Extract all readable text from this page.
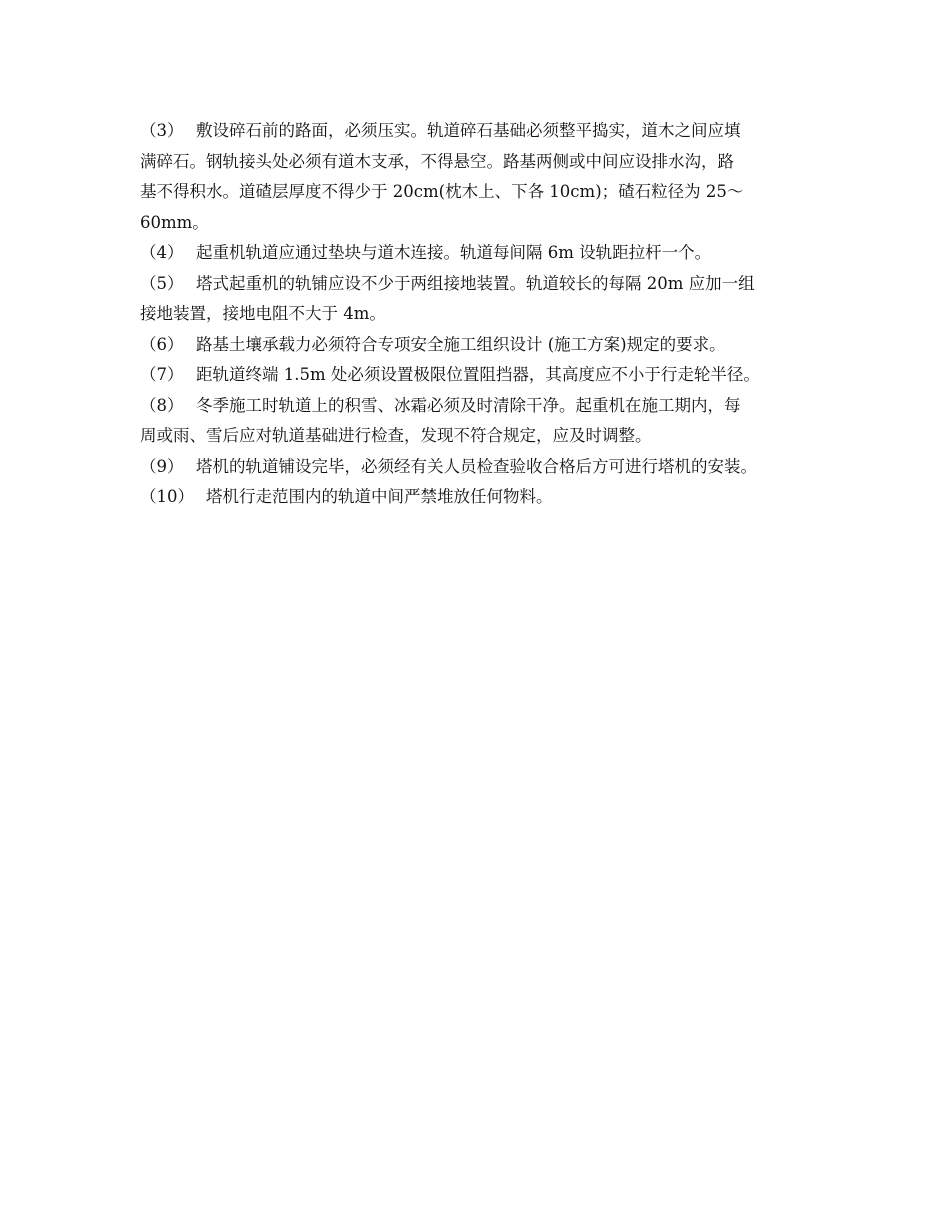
（3） 敷设碎石前的路面，必须压实。轨道碎石基础必须整平捣实，道木之间应填
满碎石。钢轨接头处必须有道木支承，不得悬空。路基两侧或中间应设排水沟，路
基不得积水。道碴层厚度不得少于 20cm(枕木上、下各 10cm)；碴石粒径为 25～
60mm。
（4） 起重机轨道应通过垫块与道木连接。轨道每间隔 6m 设轨距拉杆一个。
（5） 塔式起重机的轨铺应设不少于两组接地装置。轨道较长的每隔 20m 应加一组
接地装置，接地电阻不大于 4m。
（6） 路基土壤承载力必须符合专项安全施工组织设计 (施工方案)规定的要求。
（7） 距轨道终端 1.5m 处必须设置极限位置阻挡器，其高度应不小于行走轮半径。
（8） 冬季施工时轨道上的积雪、冰霜必须及时清除干净。起重机在施工期内，每
周或雨、雪后应对轨道基础进行检查，发现不符合规定，应及时调整。
（9） 塔机的轨道铺设完毕，必须经有关人员检查验收合格后方可进行塔机的安装。
（10） 塔机行走范围内的轨道中间严禁堆放任何物料。
